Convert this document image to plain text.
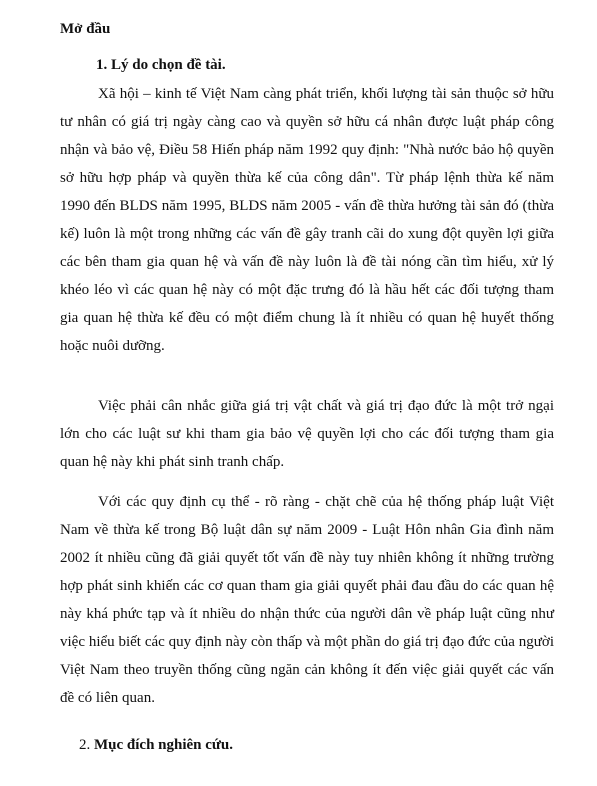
Mở đầu
1. Lý do chọn đề tài.

Xã hội – kinh tế Việt Nam càng phát triển, khối lượng tài sản thuộc sở hữu tư nhân có giá trị ngày càng cao và quyền sở hữu cá nhân được luật pháp công nhận và bảo vệ, Điều 58 Hiến pháp năm 1992 quy định: "Nhà nước bảo hộ quyền sở hữu hợp pháp và quyền thừa kế của công dân". Từ pháp lệnh thừa kế năm 1990 đến BLDS năm 1995, BLDS năm 2005 - vấn đề thừa hưởng tài sản đó (thừa kế) luôn là một trong những các vấn đề gây tranh cãi do xung đột quyền lợi giữa các bên tham gia quan hệ và vấn đề này luôn là đề tài nóng cần tìm hiểu, xử lý khéo léo vì các quan hệ này có một đặc trưng đó là hầu hết các đối tượng tham gia quan hệ thừa kế đều có một điểm chung là ít nhiều có quan hệ huyết thống hoặc nuôi dưỡng.

Việc phải cân nhắc giữa giá trị vật chất và giá trị đạo đức là một trở ngại lớn cho các luật sư khi tham gia bảo vệ quyền lợi cho các đối tượng tham gia quan hệ này khi phát sinh tranh chấp.

Với các quy định cụ thể - rõ ràng - chặt chẽ của hệ thống pháp luật Việt Nam về thừa kế trong Bộ luật dân sự năm 2009 - Luật Hôn nhân Gia đình năm 2002 ít nhiều cũng đã giải quyết tốt vấn đề này tuy nhiên không ít những trường hợp phát sinh khiến các cơ quan tham gia giải quyết phải đau đầu do các quan hệ này khá phức tạp và ít nhiều do nhận thức của người dân về pháp luật cũng như việc hiểu biết các quy định này còn thấp và một phần do giá trị đạo đức của người Việt Nam theo truyền thống cũng ngăn cản không ít đến việc giải quyết các vấn đề có liên quan.

2. Mục đích nghiên cứu.
